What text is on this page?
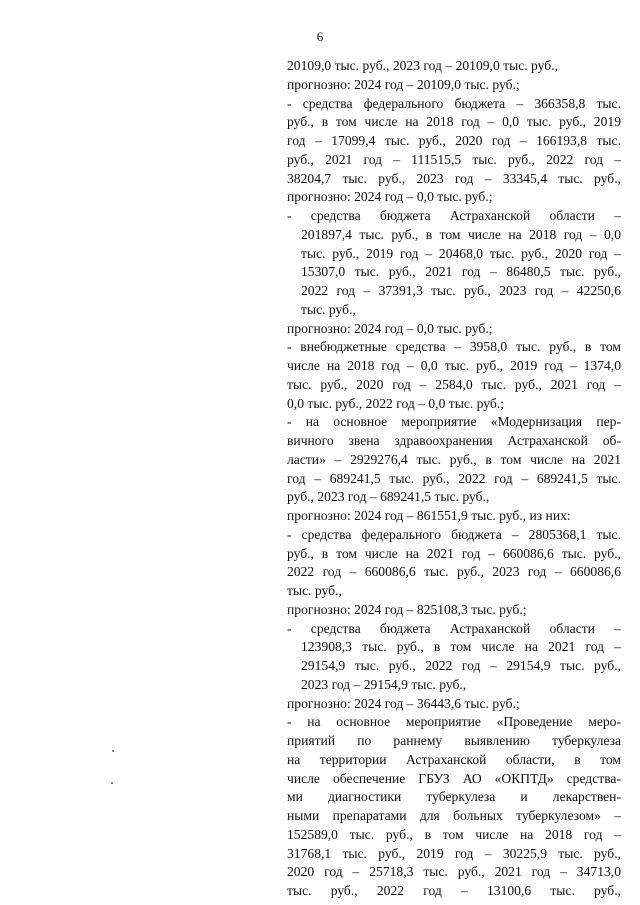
6
20109,0 тыс. руб., 2023 год – 20109,0 тыс. руб.,
прогнозно: 2024 год – 20109,0 тыс. руб.;
- средства федерального бюджета – 366358,8 тыс.
руб., в том числе на 2018 год – 0,0 тыс. руб., 2019
год – 17099,4 тыс. руб., 2020 год – 166193,8 тыс.
руб., 2021 год – 111515,5 тыс. руб., 2022 год –
38204,7 тыс. руб., 2023 год – 33345,4 тыс. руб.,
прогнозно: 2024 год – 0,0 тыс. руб.;
- средства бюджета Астраханской области –
201897,4 тыс. руб., в том числе на 2018 год – 0,0
тыс. руб., 2019 год – 20468,0 тыс. руб., 2020 год –
15307,0 тыс. руб., 2021 год – 86480,5 тыс. руб.,
2022 год – 37391,3 тыс. руб., 2023 год – 42250,6
тыс. руб.,
прогнозно: 2024 год – 0,0 тыс. руб.;
- внебюджетные средства – 3958,0 тыс. руб., в том
числе на 2018 год – 0,0 тыс. руб., 2019 год – 1374,0
тыс. руб., 2020 год – 2584,0 тыс. руб., 2021 год –
0,0 тыс. руб., 2022 год – 0,0 тыс. руб.;
- на основное мероприятие «Модернизация пер-
вичного звена здравоохранения Астраханской об-
ласти» – 2929276,4 тыс. руб., в том числе на 2021
год – 689241,5 тыс. руб., 2022 год – 689241,5 тыс.
руб., 2023 год – 689241,5 тыс. руб.,
прогнозно: 2024 год – 861551,9 тыс. руб., из них:
- средства федерального бюджета – 2805368,1 тыс.
руб., в том числе на 2021 год – 660086,6 тыс. руб.,
2022 год – 660086,6 тыс. руб., 2023 год – 660086,6
тыс. руб.,
прогнозно: 2024 год – 825108,3 тыс. руб.;
- средства бюджета Астраханской области –
123908,3 тыс. руб., в том числе на 2021 год –
29154,9 тыс. руб., 2022 год – 29154,9 тыс. руб.,
2023 год – 29154,9 тыс. руб.,
прогнозно: 2024 год – 36443,6 тыс. руб.;
- на основное мероприятие «Проведение меро-
приятий по раннему выявлению туберкулеза
на территории Астраханской области, в том
числе обеспечение ГБУЗ АО «ОКПТД» средства-
ми диагностики туберкулеза и лекарствен-
ными препаратами для больных туберкулезом» –
152589,0 тыс. руб., в том числе на 2018 год –
31768,1 тыс. руб., 2019 год – 30225,9 тыс. руб.,
2020 год – 25718,3 тыс. руб., 2021 год – 34713,0
тыс. руб., 2022 год – 13100,6 тыс. руб.,
